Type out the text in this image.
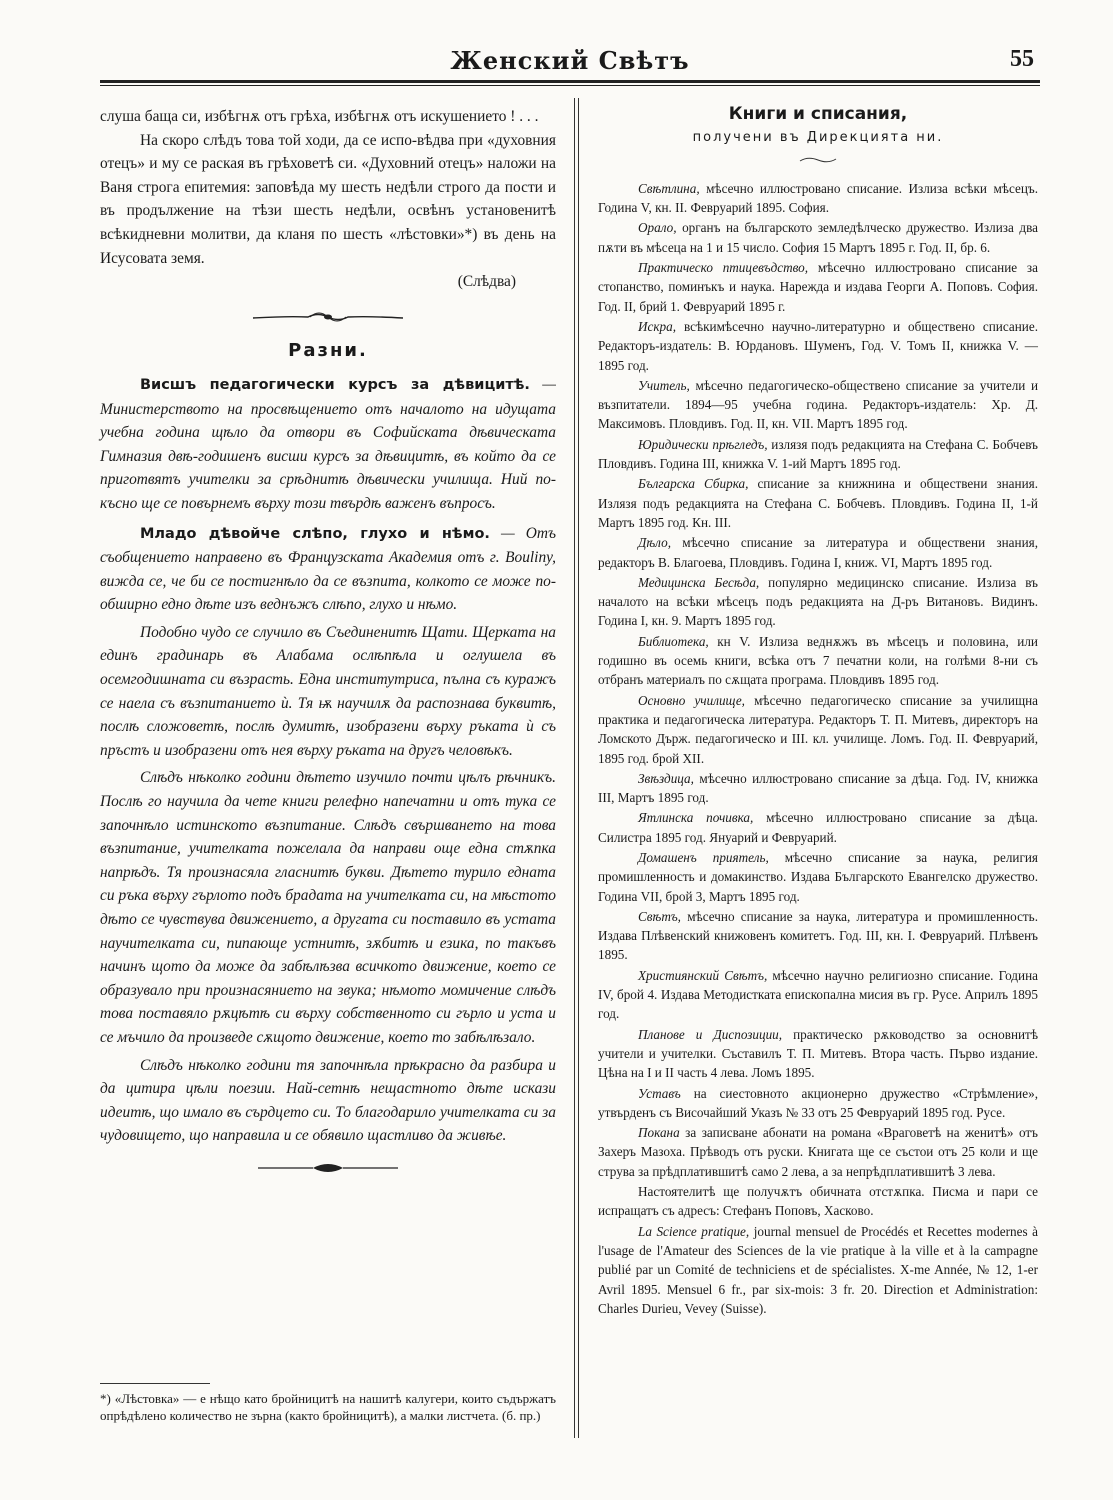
Женский Свѣтъ	55

слуша баща си, избѣгнѫ отъ грѣха, избѣгнѫ отъ искушението ! . . .

На скоро слѣдъ това той ходи, да се испо-вѣдва при «духовния отецъ» и му се раская въ грѣховетѣ си. «Духовний отецъ» наложи на Ваня строга епитемия: заповѣда му шесть недѣли строго да пости и въ продължение на тѣзи шесть недѣли, освѣнъ установенитѣ всѣкидневни молитви, да кланя по шесть «лѣстовки»*) въ день на Исусовата земя.

(Слѣдва)

Разни.

Висшъ педагогически курсъ за дѣвицитѣ. — Министерството на просвѣщението отъ началото на идущата учебна година щѣло да отвори въ Софийската дѣвическата Гимназия двѣ-годишенъ висши курсъ за дѣвицитѣ, въ който да се приготвятъ учителки за срѣднитѣ дѣвически училища. Ний по-късно ще се повърнемъ върху този твърдѣ важенъ въпросъ.

Младо дѣвойче слѣпо, глухо и нѣмо. — Отъ съобщението направено въ Французската Академия отъ г. Bouliny, вижда се, че би се постигнѣло да се възпита, колкото се може по-обширно едно дѣте изъ веднъжъ слѣпо, глухо и нѣмо.

Подобно чудо се случило въ Съединенитѣ Щати. Щерката на единъ градинарь въ Алабама ослѣпѣла и оглушела въ осемгодишната си възрасть. Една институтриса, пълна съ куражъ се наела съ възпитанието ѝ. Тя ѭ научилѫ да распознава буквитѣ, послѣ сложоветѣ, послѣ думитѣ, изобразени върху ръката ѝ съ пръстъ и изобразени отъ нея върху ръката на другъ человѣкъ.

Слѣдъ нѣколко години дѣтето изучило почти цѣлъ рѣчникъ. Послѣ го научила да чете книги релефно напечатни и отъ тука се започнѣло истинското възпитание. Слѣдъ свършването на това възпитание, учителката пожелала да направи още една стѫпка напрѣдъ. Тя произнасяла гласнитѣ букви. Дѣтето турило едната си ръка върху гърлото подъ брадата на учителката си, на мѣстото дѣто се чувствува движението, а другата си поставило въ устата научителката си, пипающе устнитѣ, зѫбитѣ и езика, по такъвъ начинъ щото да може да забѣлѣзва всичкото движение, което се образувало при произнасянието на звука; нѣмото момичение слѣдъ това поставяло рѫцѣтѣ си върху собственното си гърло и уста и се мъчило да произведе сѫщото движение, което то забѣлѣзало.

Слѣдъ нѣколко години тя започнѣла прѣкрасно да разбира и да цитира цѣли поезии. Най-сетнѣ нещастното дѣте искази идеитѣ, що имало въ сърдцето си. То благодарило учителката си за чудовището, що направила и се обявило щастливо да живѣе.

*) «Лѣстовка» — е нѣщо като бройницитѣ на нашитѣ калугери, които съдържатъ опрѣдѣлено количество не зърна (както бройницитѣ), а малки листчета. (б. пр.)
Книги и списания,
получени въ Дирекцията ни.

Свѣтлина, мѣсечно иллюстровано списание. Излиза всѣки мѣсецъ. Година V, кн. II. Февруарий 1895. София.

Орало, органъ на българското земледѣлческо дружество. Излиза два пѫти въ мѣсеца на 1 и 15 число. София 15 Мартъ 1895 г. Год. II, бр. 6.

Практическо птицевъдство, мѣсечно иллюстровано списание за стопанство, поминъкъ и наука. Нарежда и издава Георги А. Поповъ. София. Год. II, брий 1. Февруарий 1895 г.

Искра, всѣкимѣсечно научно-литературно и обществено списание. Редакторъ-издатель: В. Юрдановъ. Шуменъ, Год. V. Томъ II, книжка V. — 1895 год.

Учитель, мѣсечно педагогическо-обществено списание за учители и възпитатели. 1894—95 учебна година. Редакторъ-издатель: Хр. Д. Максимовъ. Пловдивъ. Год. II, кн. VII. Мартъ 1895 год.

Юридически прѣгледъ, излязя подъ редакцията на Стефана С. Бобчевъ Пловдивъ. Година III, книжка V. 1-ий Мартъ 1895 год.

Българска Сбирка, списание за книжнина и обществени знания. Излязя подъ редакцията на Стефана С. Бобчевъ. Пловдивъ. Година II, 1-й Мартъ 1895 год. Кн. III.

Дѣло, мѣсечно списание за литература и обществени знания, редакторъ В. Благоева, Пловдивъ. Година I, книж. VI, Мартъ 1895 год.

Медицинска Бесѣда, популярно медицинско списание. Излиза въ началото на всѣки мѣсецъ подъ редакцията на Д-ръ Витановъ. Видинъ. Година I, кн. 9. Мартъ 1895 год.

Библиотека, кн V. Излиза веднѫжъ въ мѣсецъ и половина, или годишно въ осемь книги, всѣка отъ 7 печатни коли, на голѣми 8-ни съ отбранъ материалъ по сѫщата програма. Пловдивъ 1895 год.

Основно училище, мѣсечно педагогическо списание за училищна практика и педагогическа литература. Редакторъ Т. П. Митевъ, директоръ на Ломското Държ. педагогическо и III. кл. училище. Ломъ. Год. II. Февруарий, 1895 год. брой XII.

Звѣздица, мѣсечно иллюстровано списание за дѣца. Год. IV, книжка III, Мартъ 1895 год.

Ятлинска почивка, мѣсечно иллюстровано списание за дѣца. Силистра 1895 год. Януарий и Февруарий.

Домашенъ приятель, мѣсечно списание за наука, религия промишленность и домакинство. Издава Българското Евангелско дружество. Година VII, брой 3, Мартъ 1895 год.

Свѣтъ, мѣсечно списание за наука, литература и промишленность. Издава Плѣвенский книжовенъ комитетъ. Год. III, кн. I. Февруарий. Плѣвенъ 1895.

Християнский Свѣтъ, мѣсечно научно религиозно списание. Година IV, брой 4. Издава Методистката епископална мисия въ гр. Русе. Априлъ 1895 год.

Планове и Диспозиции, практическо рѫководство за основнитѣ учители и учителки. Съставилъ Т. П. Митевъ. Втора часть. Първо издание. Цѣна на I и II часть 4 лева. Ломъ 1895.

Уставъ на сиестовното акционерно дружество «Стрѣмление», утвърденъ съ Височайший Указъ № 33 отъ 25 Февруарий 1895 год. Русе.

Покана за записване абонати на романа «Враговетѣ на женитѣ» отъ Захеръ Мазоха. Прѣводъ отъ руски. Книгата ще се състои отъ 25 коли и ще струва за прѣдплатившитѣ само 2 лева, а за непрѣдплатившитѣ 3 лева.

Настоятелитѣ ще получѫтъ обичната отстѫпка. Писма и пари се испращатъ съ адресъ: Стефанъ Поповъ, Хасково.

La Science pratique, journal mensuel de Procédés et Recettes modernes à l'usage de l'Amateur des Sciences de la vie pratique à la ville et à la campagne publié par un Comité de techniciens et de spécialistes. X-me Année, № 12, 1-er Avril 1895. Mensuel 6 fr., par six-mois: 3 fr. 20. Direction et Administration: Charles Durieu, Vevey (Suisse).
